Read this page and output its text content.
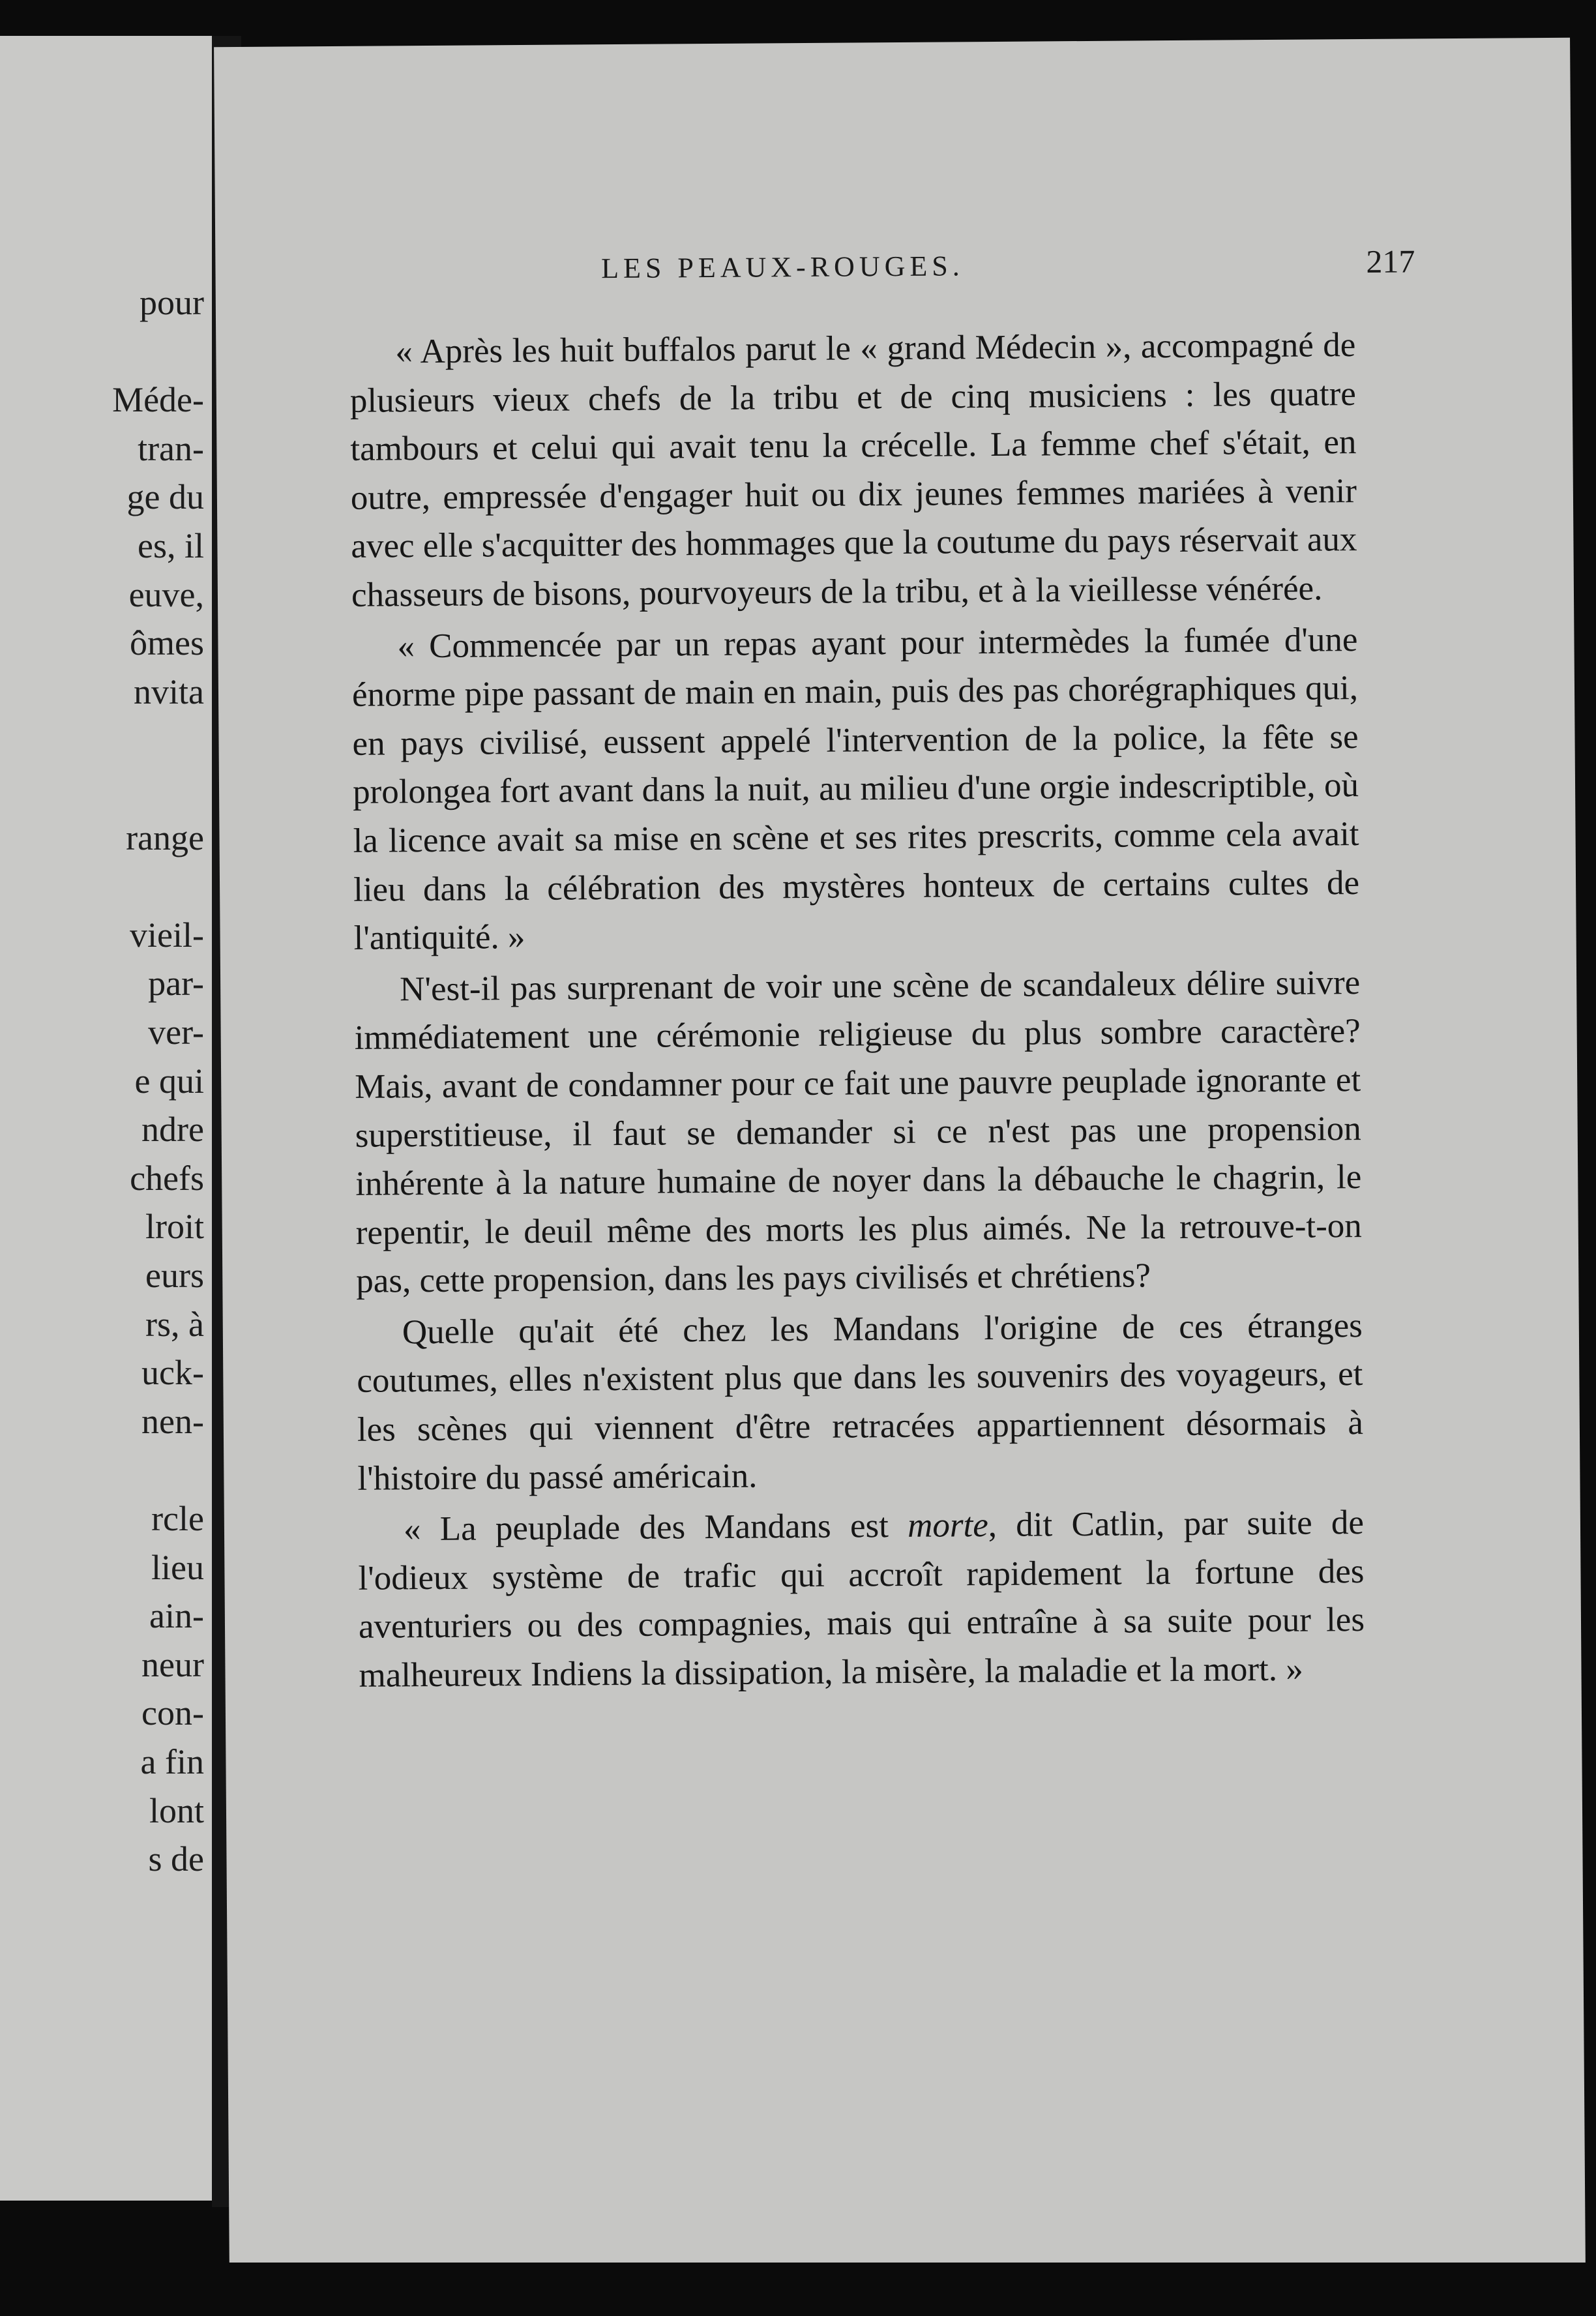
pour
Méde-
tran-
ge du
es, il
euve,
ômes
nvita
range
vieil-
par-
ver-
e qui
ndre
chefs
lroit
eurs
rs, à
uck-
nen-
rcle
lieu
ain-
neur
con-
a fin
lont
s de
LES PEAUX-ROUGES.	217

« Après les huit buffalos parut le « grand Médecin », accompagné de plusieurs vieux chefs de la tribu et de cinq musiciens : les quatre tambours et celui qui avait tenu la crécelle. La femme chef s'était, en outre, empressée d'engager huit ou dix jeunes femmes mariées à venir avec elle s'acquitter des hommages que la coutume du pays réservait aux chasseurs de bisons, pourvoyeurs de la tribu, et à la vieillesse vénérée.

« Commencée par un repas ayant pour intermèdes la fumée d'une énorme pipe passant de main en main, puis des pas chorégraphiques qui, en pays civilisé, eussent appelé l'intervention de la police, la fête se prolongea fort avant dans la nuit, au milieu d'une orgie indescriptible, où la licence avait sa mise en scène et ses rites prescrits, comme cela avait lieu dans la célébration des mystères honteux de certains cultes de l'antiquité. »

N'est-il pas surprenant de voir une scène de scandaleux délire suivre immédiatement une cérémonie religieuse du plus sombre caractère? Mais, avant de condamner pour ce fait une pauvre peuplade ignorante et superstitieuse, il faut se demander si ce n'est pas une propension inhérente à la nature humaine de noyer dans la débauche le chagrin, le repentir, le deuil même des morts les plus aimés. Ne la retrouve-t-on pas, cette propension, dans les pays civilisés et chrétiens?

Quelle qu'ait été chez les Mandans l'origine de ces étranges coutumes, elles n'existent plus que dans les souvenirs des voyageurs, et les scènes qui viennent d'être retracées appartiennent désormais à l'histoire du passé américain.

« La peuplade des Mandans est morte, dit Catlin, par suite de l'odieux système de trafic qui accroît rapidement la fortune des aventuriers ou des compagnies, mais qui entraîne à sa suite pour les malheureux Indiens la dissipation, la misère, la maladie et la mort. »
